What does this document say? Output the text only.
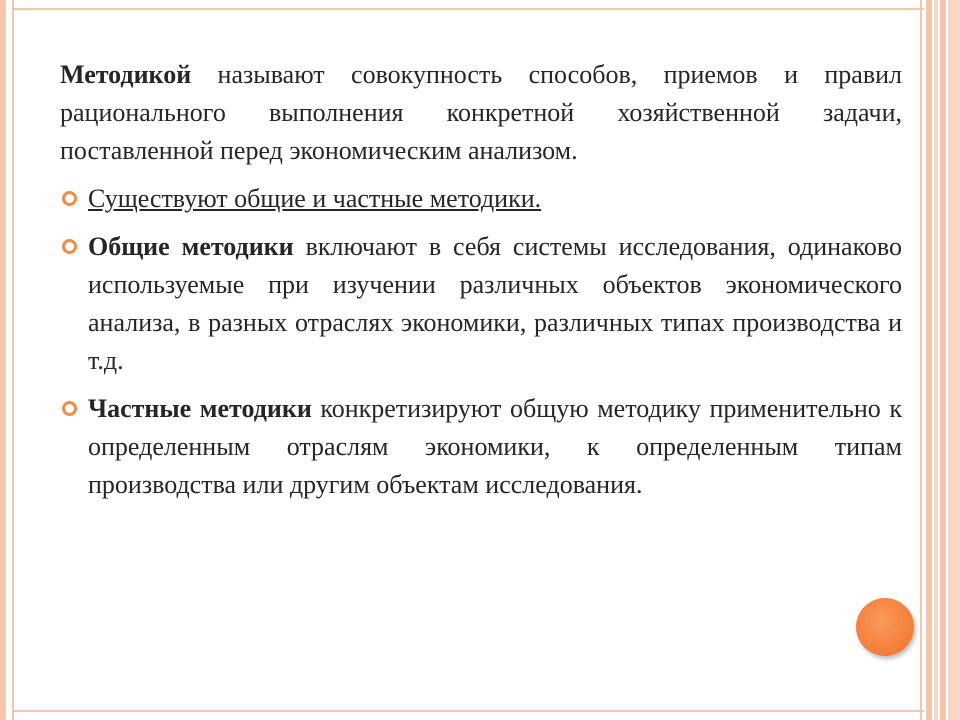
Методикой называют совокупность способов, приемов и правил рационального выполнения конкретной хозяйственной задачи, поставленной перед экономическим анализом.

Существуют общие и частные методики.
Общие методики включают в себя системы исследования, одинаково используемые при изучении различных объектов экономического анализа, в разных отраслях экономики, различных типах производства и т.д.
Частные методики конкретизируют общую методику применительно к определенным отраслям экономики, к определенным типам производства или другим объектам исследования.
